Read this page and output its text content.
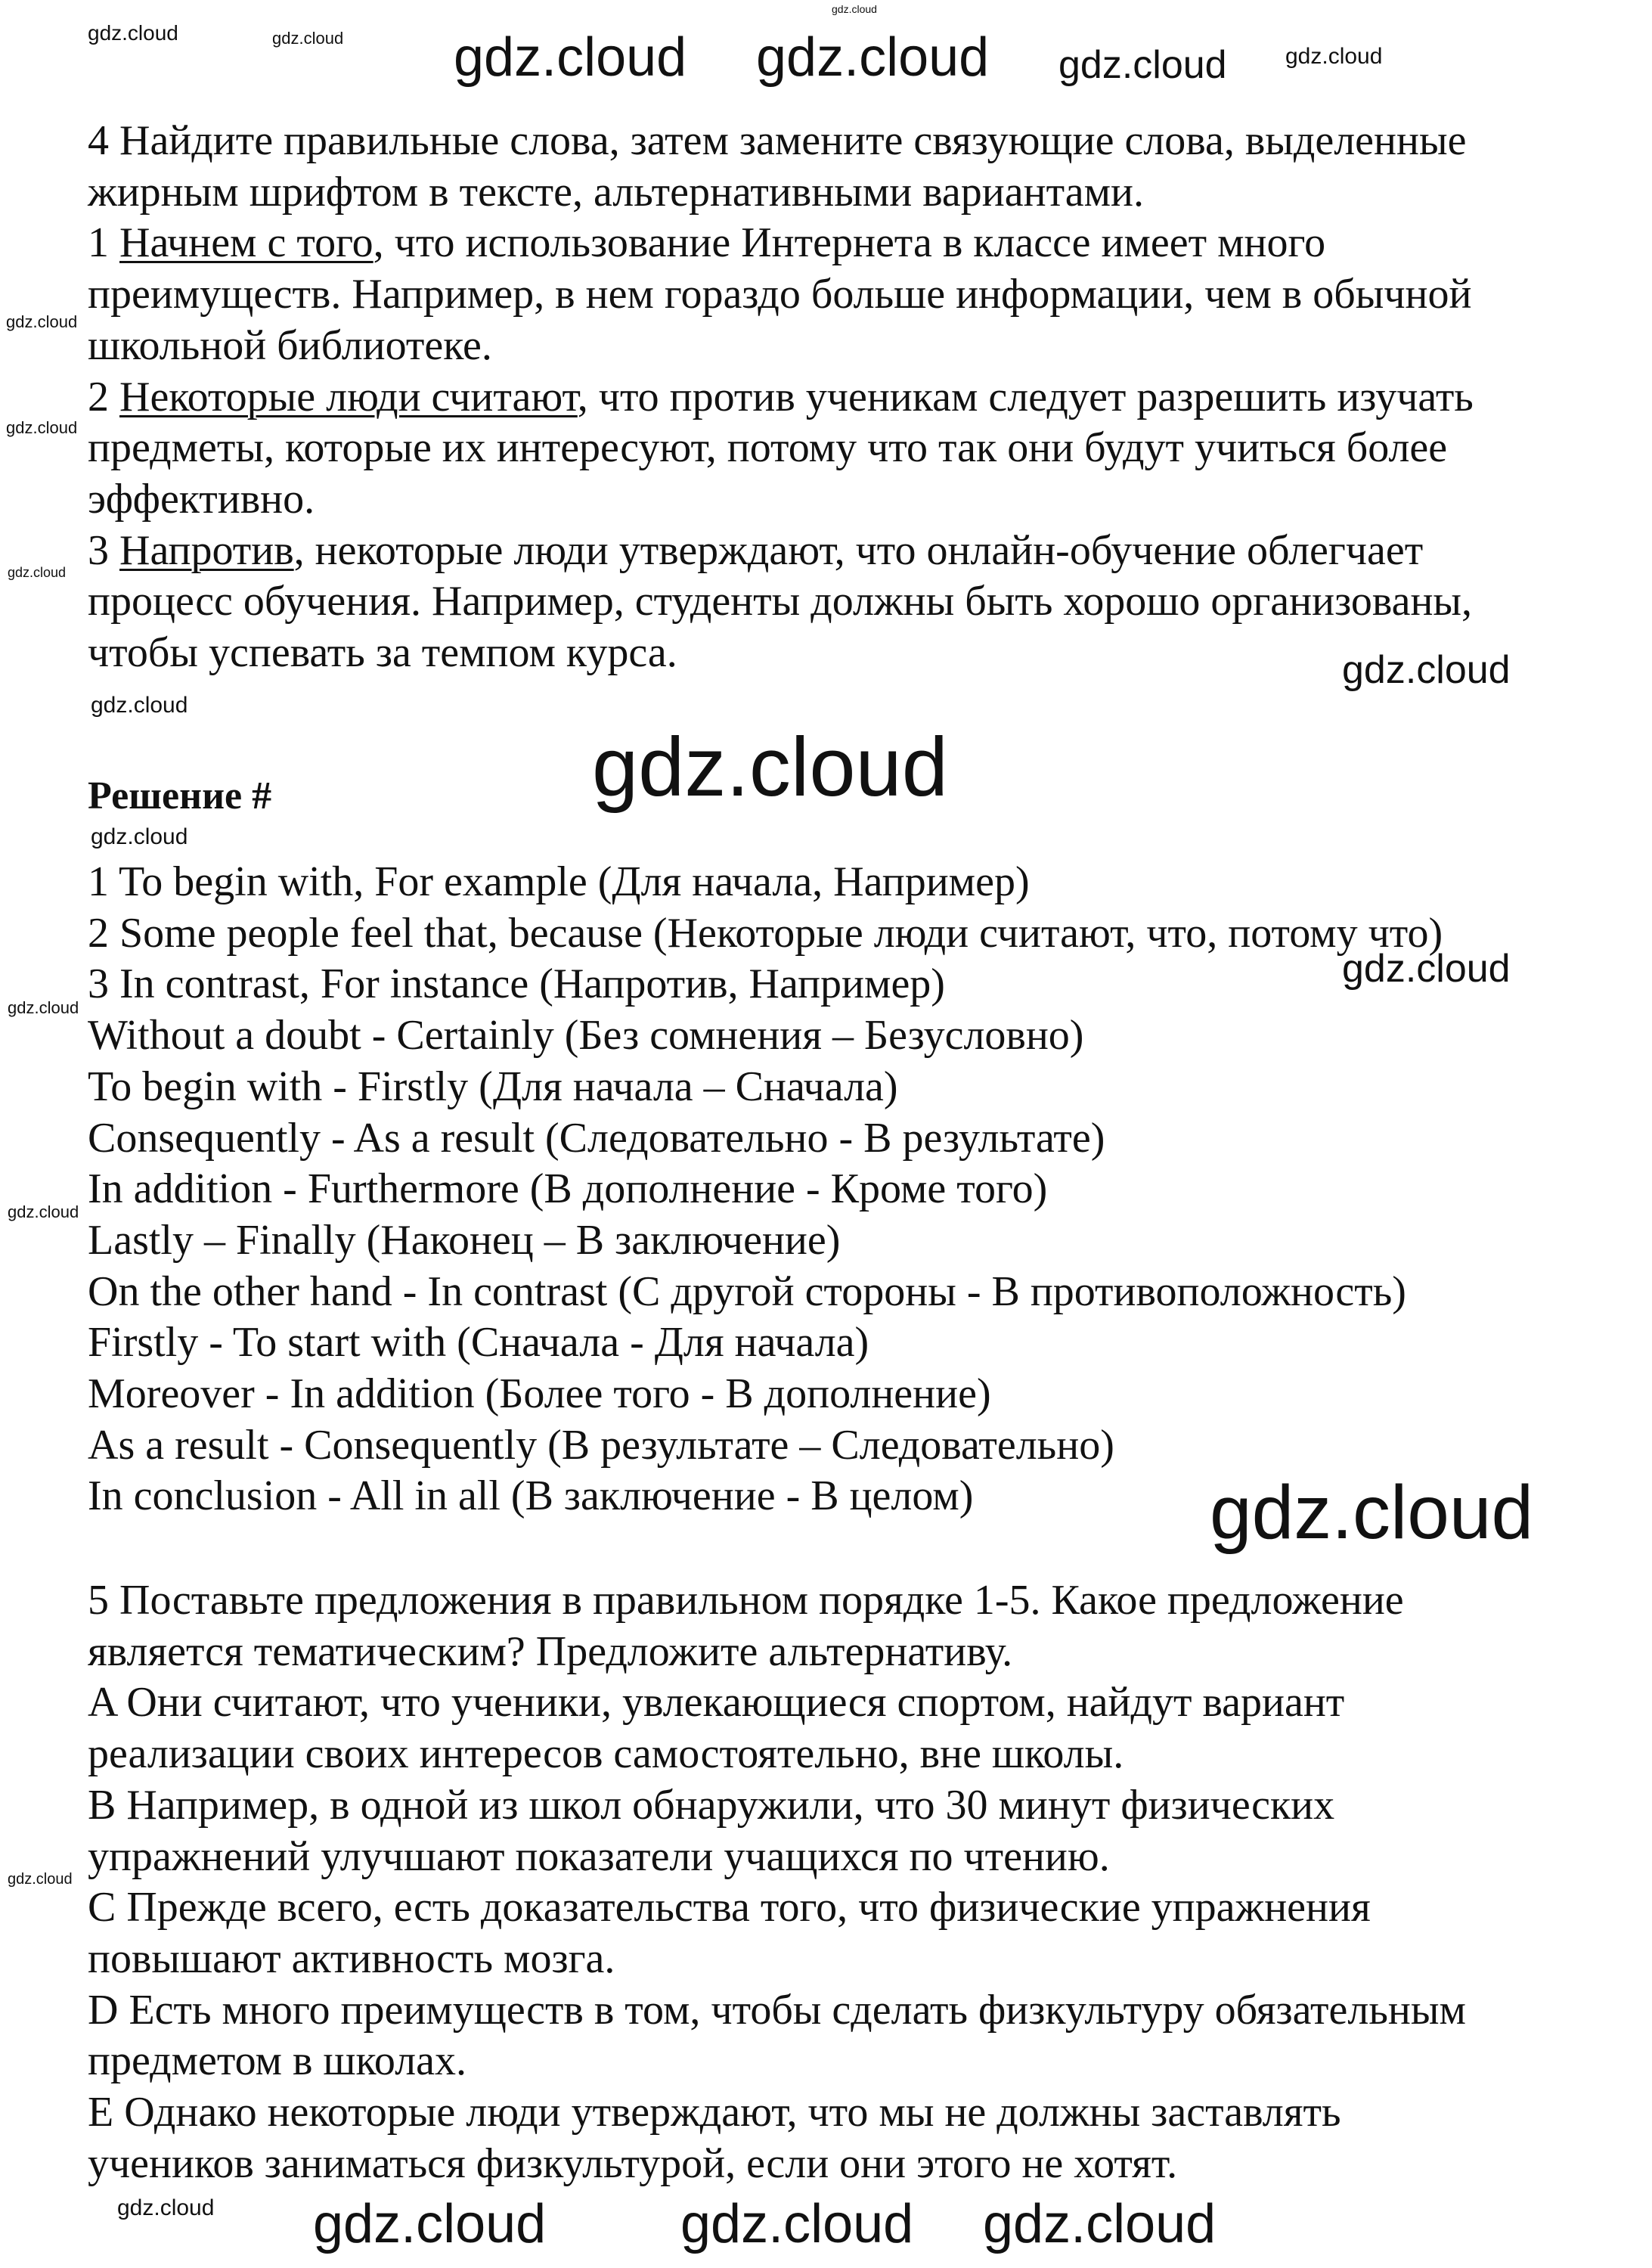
4 Найдите правильные слова, затем замените связующие слова, выделенные
жирным шрифтом в тексте, альтернативными вариантами.
1 Начнем с того, что использование Интернета в классе имеет много
преимуществ. Например, в нем гораздо больше информации, чем в обычной
школьной библиотеке.
2 Некоторые люди считают, что против ученикам следует разрешить изучать
предметы, которые их интересуют, потому что так они будут учиться более
эффективно.
3 Напротив, некоторые люди утверждают, что онлайн-обучение облегчает
процесс обучения. Например, студенты должны быть хорошо организованы,
чтобы успевать за темпом курса.
Решение #
1 To begin with, For example (Для начала, Например)
2 Some people feel that, because (Некоторые люди считают, что, потому что)
3 In contrast, For instance (Напротив, Например)
Without a doubt - Certainly (Без сомнения – Безусловно)
To begin with - Firstly (Для начала – Сначала)
Consequently - As a result (Следовательно - В результате)
In addition - Furthermore (В дополнение - Кроме того)
Lastly – Finally (Наконец – В заключение)
On the other hand - In contrast (С другой стороны - В противоположность)
Firstly - To start with (Сначала - Для начала)
Moreover - In addition (Более того - В дополнение)
As a result - Consequently (В результате – Следовательно)
In conclusion - All in all (В заключение - В целом)
5 Поставьте предложения в правильном порядке 1-5. Какое предложение
является тематическим? Предложите альтернативу.
A Они считают, что ученики, увлекающиеся спортом, найдут вариант
реализации своих интересов самостоятельно, вне школы.
B Например, в одной из школ обнаружили, что 30 минут физических
упражнений улучшают показатели учащихся по чтению.
C Прежде всего, есть доказательства того, что физические упражнения
повышают активность мозга.
D Есть много преимуществ в том, чтобы сделать физкультуру обязательным
предметом в школах.
E Однако некоторые люди утверждают, что мы не должны заставлять
учеников заниматься физкультурой, если они этого не хотят.
gdz.cloud
gdz.cloud	gdz.cloud gdz.cloud gdz.cloud gdz.cloud	gdz.cloud
gdz.cloud
gdz.cloud
gdz.cloud
gdz.cloud
gdz.cloud
gdz.cloud
gdz.cloud
gdz.cloud
gdz.cloud
gdz.cloud
gdz.cloud
gdz.cloud
gdz.cloud gdz.cloud gdz.cloud gdz.cloud
